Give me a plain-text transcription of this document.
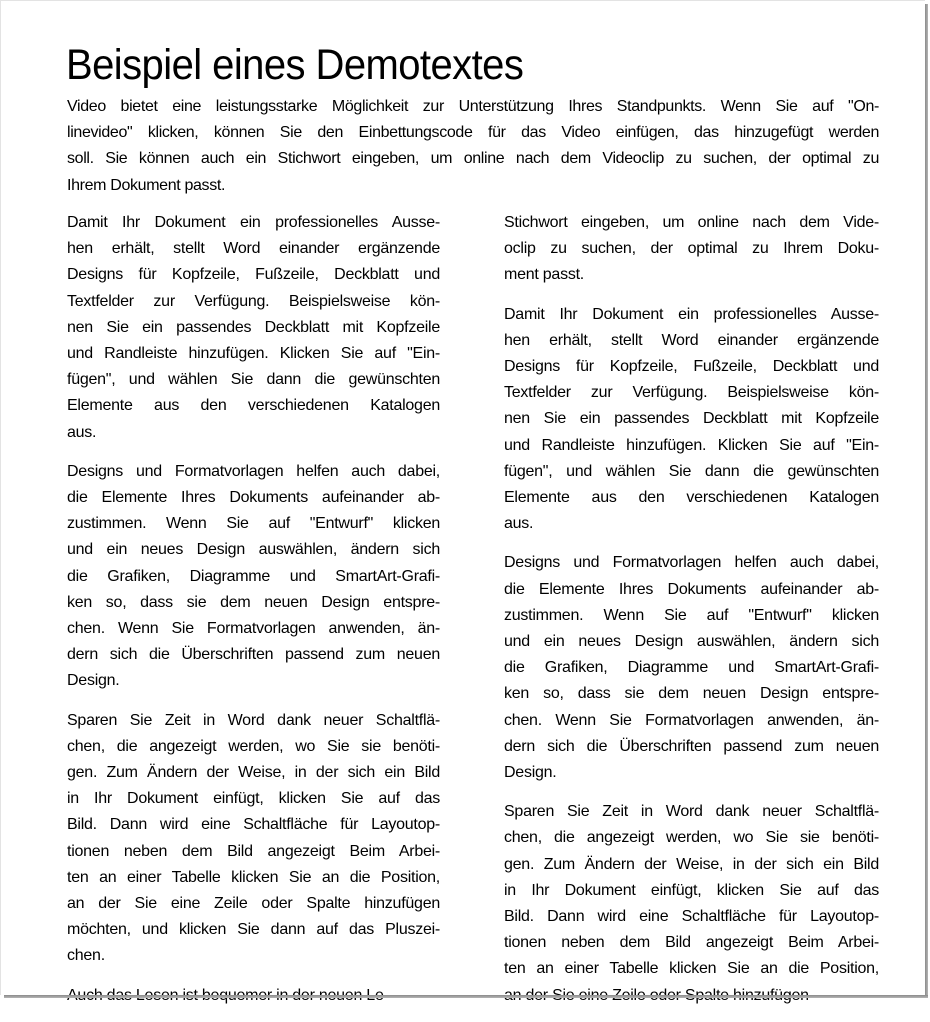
Beispiel eines Demotextes

Video bietet eine leistungsstarke Möglichkeit zur Unterstützung Ihres Standpunkts. Wenn Sie auf "On- linevideo" klicken, können Sie den Einbettungscode für das Video einfügen, das hinzugefügt werden soll. Sie können auch ein Stichwort eingeben, um online nach dem Videoclip zu suchen, der optimal zu Ihrem Dokument passt.

Damit Ihr Dokument ein professionelles Ausse-
hen erhält, stellt Word einander ergänzende
Designs für Kopfzeile, Fußzeile, Deckblatt und
Textfelder zur Verfügung. Beispielsweise kön-
nen Sie ein passendes Deckblatt mit Kopfzeile
und Randleiste hinzufügen. Klicken Sie auf "Ein-
fügen", und wählen Sie dann die gewünschten
Elemente aus den verschiedenen Katalogen
aus.

Designs und Formatvorlagen helfen auch dabei,
die Elemente Ihres Dokuments aufeinander ab-
zustimmen. Wenn Sie auf "Entwurf" klicken
und ein neues Design auswählen, ändern sich
die Grafiken, Diagramme und SmartArt-Grafi-
ken so, dass sie dem neuen Design entspre-
chen. Wenn Sie Formatvorlagen anwenden, än-
dern sich die Überschriften passend zum neuen
Design.

Sparen Sie Zeit in Word dank neuer Schaltflä-
chen, die angezeigt werden, wo Sie sie benöti-
gen. Zum Ändern der Weise, in der sich ein Bild
in Ihr Dokument einfügt, klicken Sie auf das
Bild. Dann wird eine Schaltfläche für Layoutop-
tionen neben dem Bild angezeigt Beim Arbei-
ten an einer Tabelle klicken Sie an die Position,
an der Sie eine Zeile oder Spalte hinzufügen
möchten, und klicken Sie dann auf das Pluszei-
chen.

Stichwort eingeben, um online nach dem Vide-
oclip zu suchen, der optimal zu Ihrem Doku-
ment passt.

Damit Ihr Dokument ein professionelles Ausse-
hen erhält, stellt Word einander ergänzende
Designs für Kopfzeile, Fußzeile, Deckblatt und
Textfelder zur Verfügung. Beispielsweise kön-
nen Sie ein passendes Deckblatt mit Kopfzeile
und Randleiste hinzufügen. Klicken Sie auf "Ein-
fügen", und wählen Sie dann die gewünschten
Elemente aus den verschiedenen Katalogen
aus.

Designs und Formatvorlagen helfen auch dabei,
die Elemente Ihres Dokuments aufeinander ab-
zustimmen. Wenn Sie auf "Entwurf" klicken
und ein neues Design auswählen, ändern sich
die Grafiken, Diagramme und SmartArt-Grafi-
ken so, dass sie dem neuen Design entspre-
chen. Wenn Sie Formatvorlagen anwenden, än-
dern sich die Überschriften passend zum neuen
Design.

Sparen Sie Zeit in Word dank neuer Schaltflä-
chen, die angezeigt werden, wo Sie sie benöti-
gen. Zum Ändern der Weise, in der sich ein Bild
in Ihr Dokument einfügt, klicken Sie auf das
Bild. Dann wird eine Schaltfläche für Layoutop-
tionen neben dem Bild angezeigt Beim Arbei-
ten an einer Tabelle klicken Sie an die Position,
